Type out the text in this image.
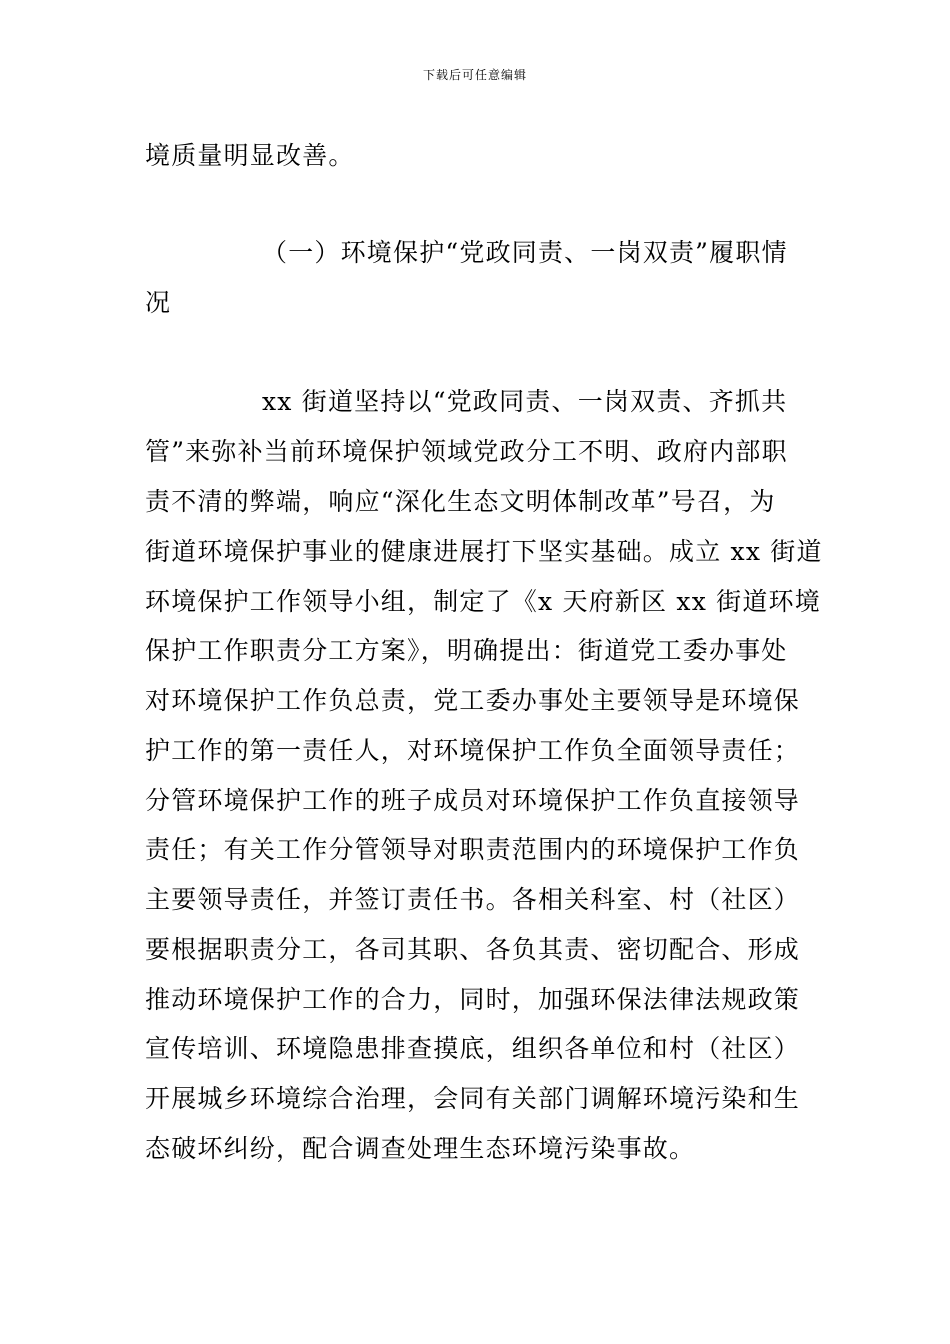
下载后可任意编辑
境质量明显改善。
（一）环境保护“党政同责、一岗双责”履职情
况
xx 街道坚持以“党政同责、一岗双责、齐抓共
管”来弥补当前环境保护领域党政分工不明、政府内部职
责不清的弊端，响应“深化生态文明体制改革”号召，为
街道环境保护事业的健康进展打下坚实基础。成立 xx 街道
环境保护工作领导小组，制定了《x 天府新区 xx 街道环境
保护工作职责分工方案》，明确提出：街道党工委办事处
对环境保护工作负总责，党工委办事处主要领导是环境保
护工作的第一责任人，对环境保护工作负全面领导责任；
分管环境保护工作的班子成员对环境保护工作负直接领导
责任；有关工作分管领导对职责范围内的环境保护工作负
主要领导责任，并签订责任书。各相关科室、村（社区）
要根据职责分工，各司其职、各负其责、密切配合、形成
推动环境保护工作的合力，同时，加强环保法律法规政策
宣传培训、环境隐患排查摸底，组织各单位和村（社区）
开展城乡环境综合治理，会同有关部门调解环境污染和生
态破坏纠纷，配合调查处理生态环境污染事故。
